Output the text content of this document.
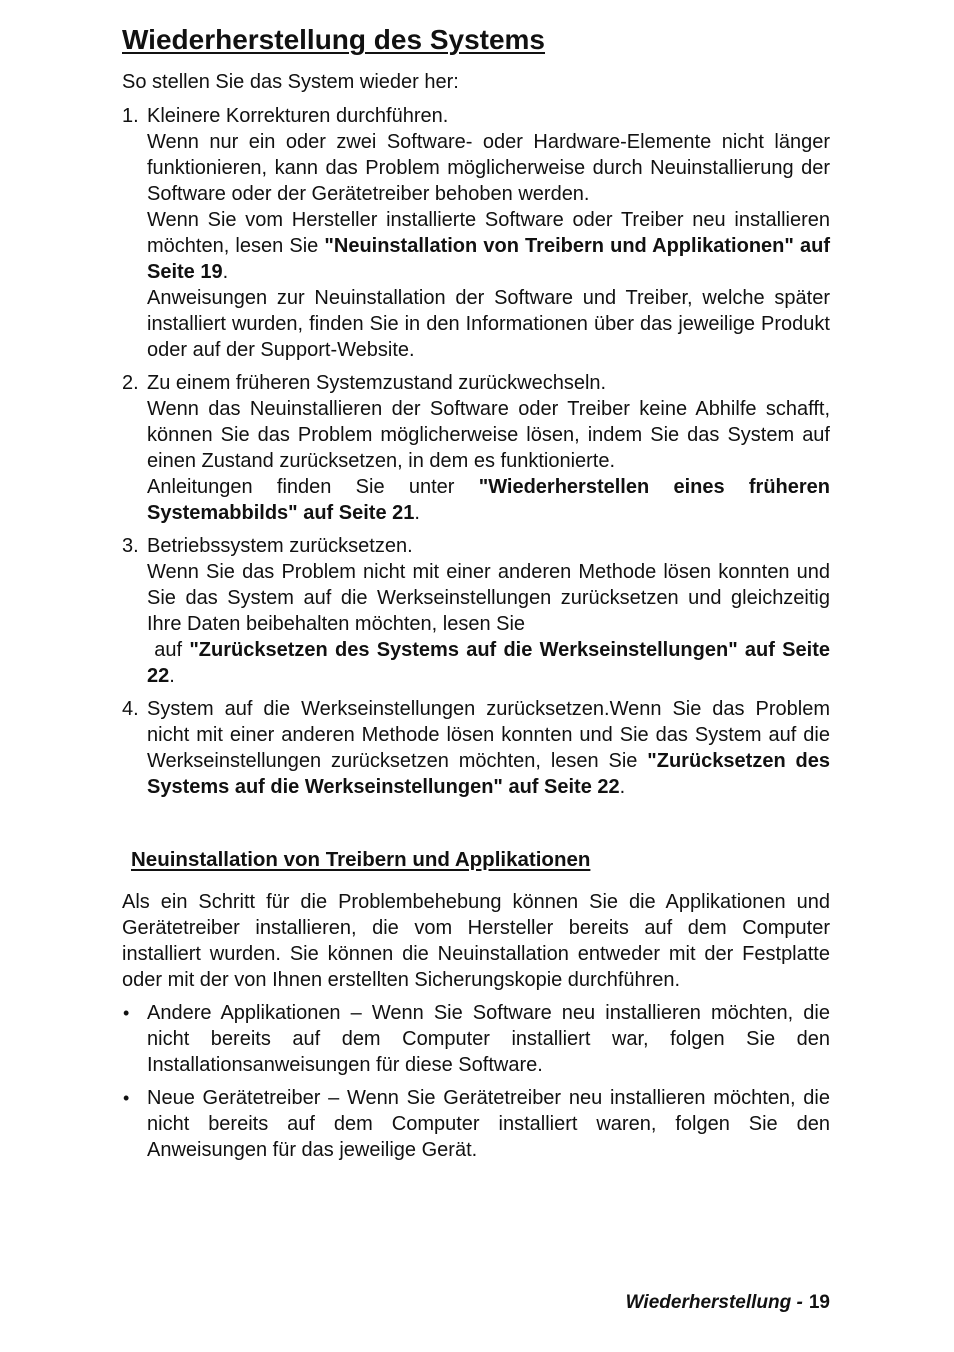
Wiederherstellung des Systems

So stellen Sie das System wieder her:

1. Kleinere Korrekturen durchführen.

Wenn nur ein oder zwei Software- oder Hardware-Elemente nicht länger funktionieren, kann das Problem möglicherweise durch Neuinstallierung der Software oder der Gerätetreiber behoben werden.

Wenn Sie vom Hersteller installierte Software oder Treiber neu installieren möchten, lesen Sie "Neuinstallation von Treibern und Applikationen" auf Seite 19.

Anweisungen zur Neuinstallation der Software und Treiber, welche später installiert wurden, finden Sie in den Informationen über das jeweilige Produkt oder auf der Support-Website.

2. Zu einem früheren Systemzustand zurückwechseln.

Wenn das Neuinstallieren der Software oder Treiber keine Abhilfe schafft, können Sie das Problem möglicherweise lösen, indem Sie das System auf einen Zustand zurücksetzen, in dem es funktionierte.

Anleitungen finden Sie unter "Wiederherstellen eines früheren Systemabbilds" auf Seite 21.

3. Betriebssystem zurücksetzen.

Wenn Sie das Problem nicht mit einer anderen Methode lösen konnten und Sie das System auf die Werkseinstellungen zurücksetzen und gleichzeitig Ihre Daten beibehalten möchten, lesen Sie

auf "Zurücksetzen des Systems auf die Werkseinstellungen" auf Seite 22.

4. System auf die Werkseinstellungen zurücksetzen.Wenn Sie das Problem nicht mit einer anderen Methode lösen konnten und Sie das System auf die Werkseinstellungen zurücksetzen möchten, lesen Sie "Zurücksetzen des Systems auf die Werkseinstellungen" auf Seite 22.

Neuinstallation von Treibern und Applikationen

Als ein Schritt für die Problembehebung können Sie die Applikationen und Gerätetreiber installieren, die vom Hersteller bereits auf dem Computer installiert wurden. Sie können die Neuinstallation entweder mit der Festplatte oder mit der von Ihnen erstellten Sicherungskopie durchführen.

• Andere Applikationen – Wenn Sie Software neu installieren möchten, die nicht bereits auf dem Computer installiert war, folgen Sie den Installationsanweisungen für diese Software.

• Neue Gerätetreiber – Wenn Sie Gerätetreiber neu installieren möchten, die nicht bereits auf dem Computer installiert waren, folgen Sie den Anweisungen für das jeweilige Gerät.

Wiederherstellung - 19
